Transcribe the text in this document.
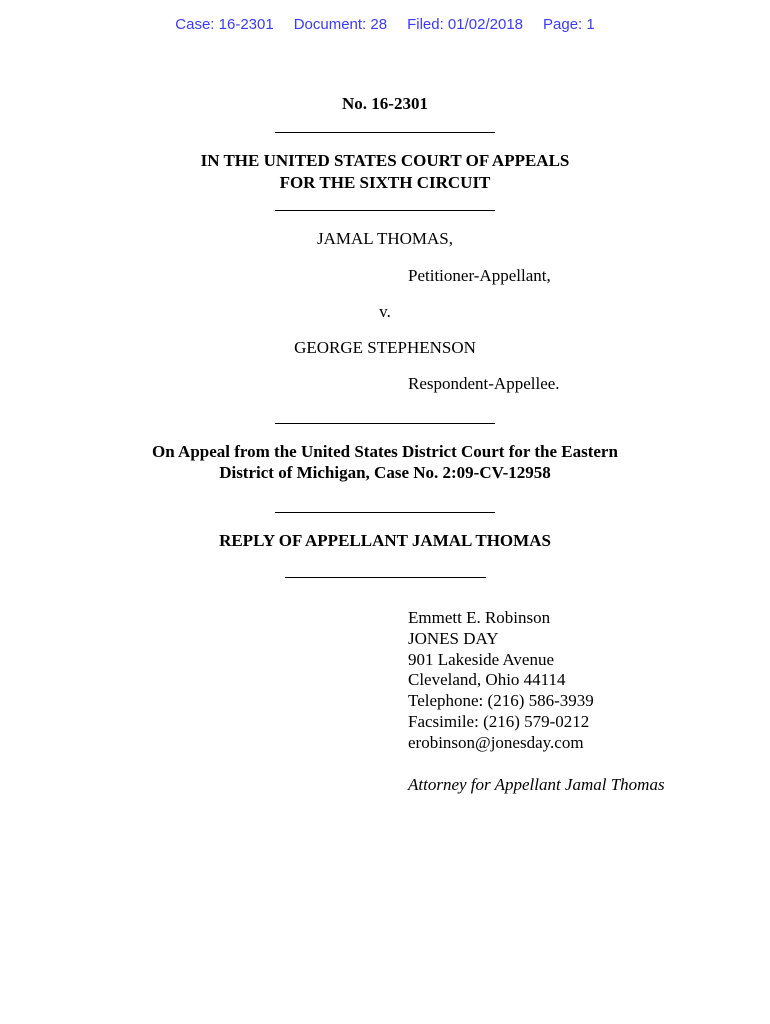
Case: 16-2301 Document: 28 Filed: 01/02/2018 Page: 1
No. 16-2301
IN THE UNITED STATES COURT OF APPEALS
FOR THE SIXTH CIRCUIT
JAMAL THOMAS,
Petitioner-Appellant,
v.
GEORGE STEPHENSON
Respondent-Appellee.
On Appeal from the United States District Court for the Eastern
District of Michigan, Case No. 2:09-CV-12958
REPLY OF APPELLANT JAMAL THOMAS
Emmett E. Robinson
JONES DAY
901 Lakeside Avenue
Cleveland, Ohio 44114
Telephone: (216) 586-3939
Facsimile: (216) 579-0212
erobinson@jonesday.com
Attorney for Appellant Jamal Thomas
